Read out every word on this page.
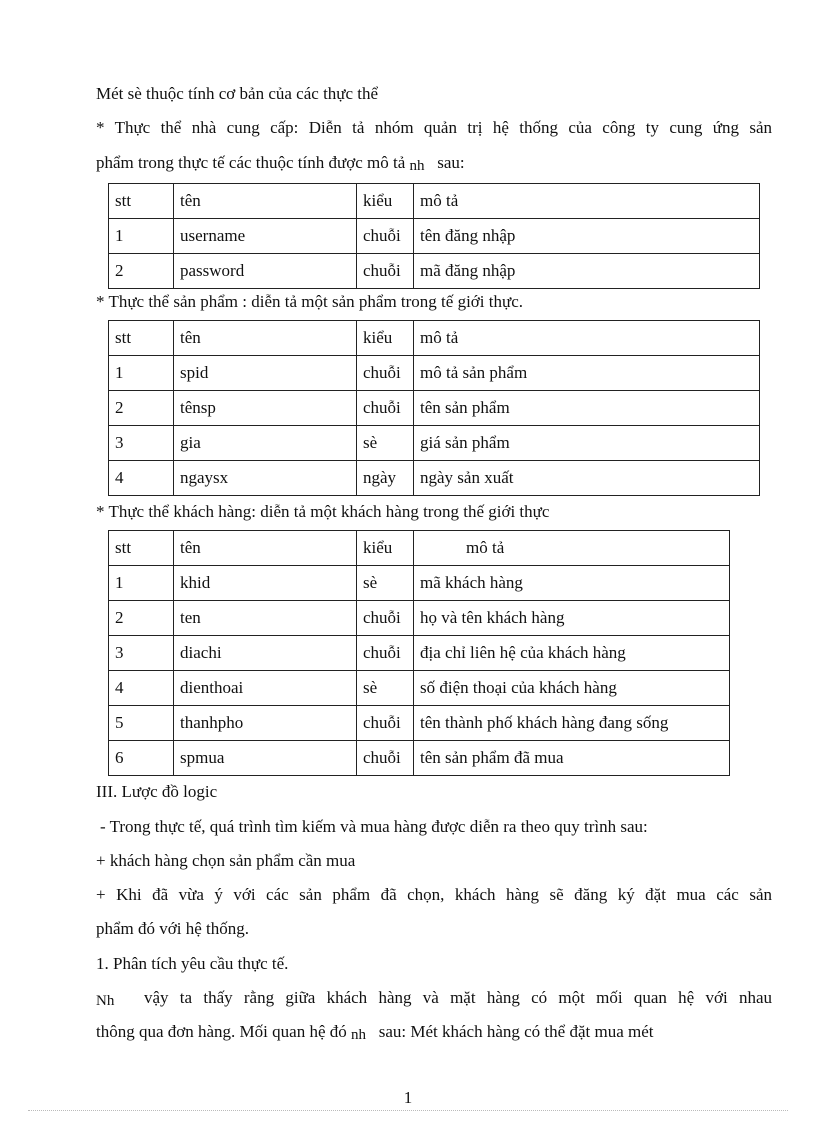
Mét sè thuộc tính cơ bản của các thực thể
* Thực thể nhà cung cấp: Diễn tả nhóm quản trị hệ thống của công ty cung ứng sản
phẩm trong thực tế các thuộc tính được mô tả nh sau:
stt	tên	kiểu	mô tả
1	username	chuỗi	tên đăng nhập
2	password	chuỗi	mã đăng nhập
* Thực thể sản phẩm : diễn tả một sản phẩm trong tế giới thực.
stt	tên	kiểu	mô tả
1	spid	chuỗi	mô tả sản phẩm
2	tênsp	chuỗi	tên sản phẩm
3	gia	sè	giá sản phẩm
4	ngaysx	ngày	ngày sản xuất
* Thực thể khách hàng: diễn tả một khách hàng trong thế giới thực
stt	tên	kiểu	mô tả
1	khid	sè	mã khách hàng
2	ten	chuỗi	họ và tên khách hàng
3	diachi	chuỗi	địa chỉ liên hệ của khách hàng
4	dienthoai	sè	số điện thoại của khách hàng
5	thanhpho	chuỗi	tên thành phố khách hàng đang sống
6	spmua	chuỗi	tên sản phẩm đã mua
III. Lược đồ logic
- Trong thực tế, quá trình tìm kiếm và mua hàng được diễn ra theo quy trình sau:
+ khách hàng chọn sản phẩm cần mua
+ Khi đã vừa ý với các sản phẩm đã chọn, khách hàng sẽ đăng ký đặt mua các sản
phẩm đó với hệ thống.
1. Phân tích yêu cầu thực tế.
Nh vậy ta thấy rằng giữa khách hàng và mặt hàng có một mối quan hệ với nhau
thông qua đơn hàng. Mối quan hệ đó nh sau: Mét khách hàng có thể đặt mua mét
1
